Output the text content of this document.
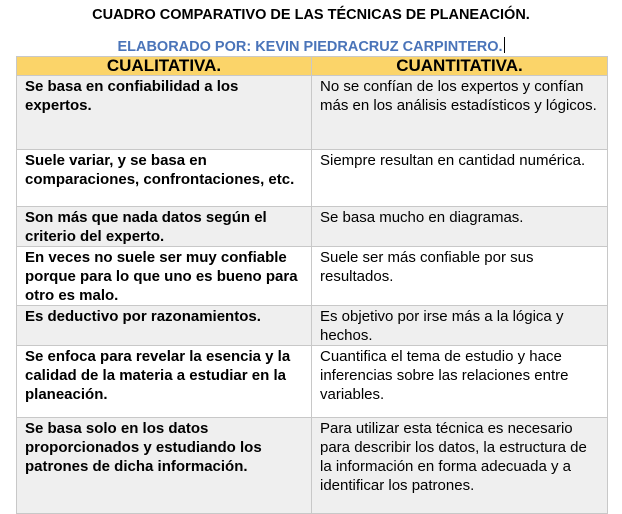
CUADRO COMPARATIVO DE LAS TÉCNICAS DE PLANEACIÓN.
ELABORADO POR: KEVIN PIEDRACRUZ CARPINTERO.
CUALITATIVA.	CUANTITATIVA.
Se basa en confiabilidad a los expertos.	No se confían de los expertos y confían más en los análisis estadísticos y lógicos.
Suele variar, y se basa en comparaciones, confrontaciones, etc.	Siempre resultan en cantidad numérica.
Son más que nada datos según el criterio del experto.	Se basa mucho en diagramas.
En veces no suele ser muy confiable porque para lo que uno es bueno para otro es malo.	Suele ser más confiable por sus resultados.
Es deductivo por razonamientos.	Es objetivo por irse más a la lógica y hechos.
Se enfoca para revelar la esencia y la calidad de la materia a estudiar en la planeación.	Cuantifica el tema de estudio y hace inferencias sobre las relaciones entre variables.
Se basa solo en los datos proporcionados y estudiando los patrones de dicha información.	Para utilizar esta técnica es necesario para describir los datos, la estructura de la información en forma adecuada y a identificar los patrones.
